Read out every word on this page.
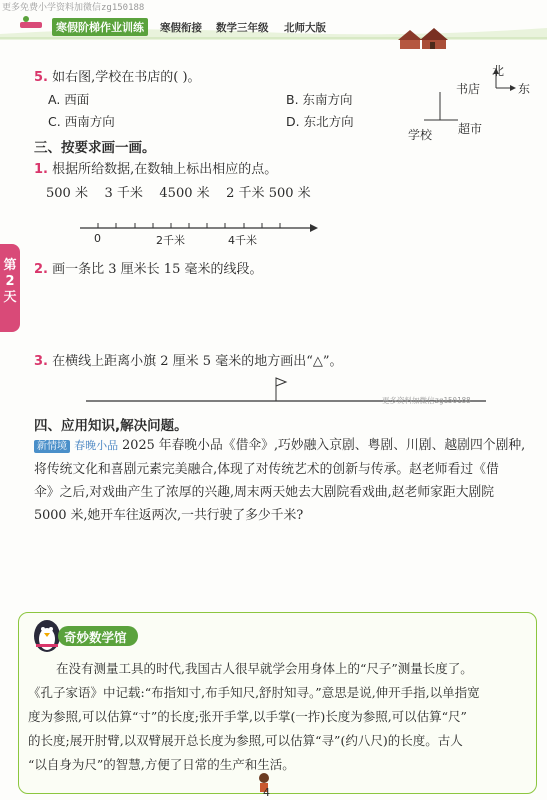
更多免费小学资料加微信zg150188
寒假阶梯作业训练	寒假衔接 数学三年级 北师大版
5. 如右图,学校在书店的( )。
A. 西面	B. 东南方向
C. 西南方向	D. 东北方向
北
东
书店
学校 超市
三、按要求画一画。
1. 根据所给数据,在数轴上标出相应的点。
500 米    3 千米    4500 米    2 千米 500 米
0	2千米	4千米
第2天
2. 画一条比 3 厘米长 15 毫米的线段。
3. 在横线上距离小旗 2 厘米 5 毫米的地方画出“△”。
更多资料加微信zg150188
四、应用知识,解决问题。
新情境 春晚小品 2025 年春晚小品《借伞》,巧妙融入京剧、粤剧、川剧、越剧四个剧种,
将传统文化和喜剧元素完美融合,体现了对传统艺术的创新与传承。赵老师看过《借
伞》之后,对戏曲产生了浓厚的兴趣,周末两天她去大剧院看戏曲,赵老师家距大剧院
5000 米,她开车往返两次,一共行驶了多少千米?
奇妙数学馆
在没有测量工具的时代,我国古人很早就学会用身体上的“尺子”测量长度了。
《孔子家语》中记载:“布指知寸,布手知尺,舒肘知寻。”意思是说,伸开手指,以单指宽
度为参照,可以估算“寸”的长度;张开手掌,以手掌(一拃)长度为参照,可以估算“尺”
的长度;展开肘臂,以双臂展开总长度为参照,可以估算“寻”(约八尺)的长度。古人
“以自身为尺”的智慧,方便了日常的生产和生活。
4
